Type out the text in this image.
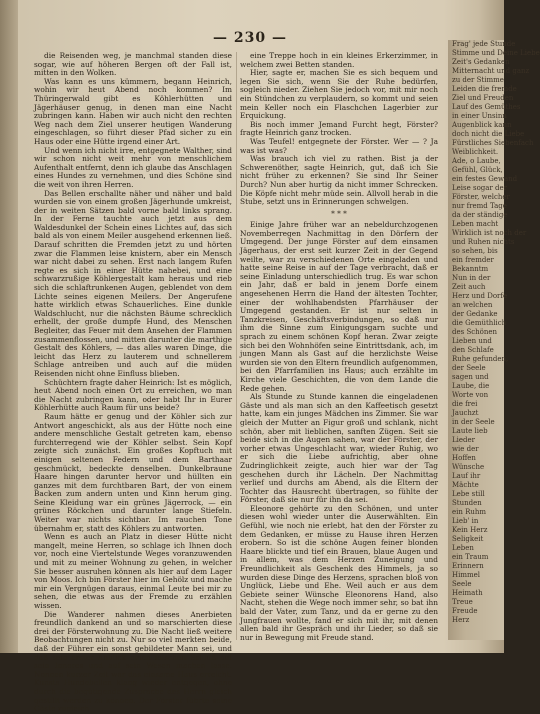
— 230 —

die Reisenden weg, je manchmal standen diese sogar, wie auf höheren Bergen oft der Fall ist, mitten in den Wolken.

Was kann es uns kümmern, begann Heinrich, wohin wir heut Abend noch kommen? Im Thüringerwald gibt es Köhlerhütten und Jägerhäuser genug, in denen man eine Nacht zubringen kann. Haben wir auch nicht den rechten Weg nach dem Ziel unserer heutigen Wanderung eingeschlagen, so führt dieser Pfad sicher zu ein Haus oder eine Hütte irgend einer Art.

Und wenn ich nicht irre, entgegnete Walther, sind wir schon nicht weit mehr von menschlichem Aufenthalt entfernt, denn ich glaube das Anschlagen eines Hundes zu vernehmen, und dies Schöne sind die weit von ihren Herren.

Das Bellen erschallte näher und näher und bald wurden sie von einem großen Jägerhunde umkreist, der in weiten Sätzen bald vorne bald links sprang. In der Ferne tauchte auch jetzt aus dem Waldesdunkel der Schein eines Lichtes auf, das sich bald als von einem Meiler ausgehend erkennen ließ. Darauf schritten die Fremden jetzt zu und hörten zwar die Flammen leise knistern, aber ein Mensch war nicht dabei zu sehen. Erst nach langem Rufen regte es sich in einer Hütte nahebei, und eine schwarzrußige Köhlergestalt kam heraus und rieb sich die schlaftrunkenen Augen, geblendet von dem Lichte seines eigenen Meilers. Der Angerufene hatte wirklich etwas Schauerliches. Eine dunkle Waldschlucht, nur die nächsten Bäume schrecklich erhellt, der große dumpfe Hund, des Menschen Begleiter, das Feuer mit dem Ansehen der Flammen zusammenflossen, und mitten darunter die marthige Gestalt des Köhlers, — das alles waren Dinge, die leicht das Herz zu lauterem und schnellerem Schlage antreiben und auch auf die müden Reisenden nicht ohne Einfluss blieben.

Schüchtern fragte daher Heinrich: Ist es möglich, heut Abend noch einen Ort zu erreichen, wo man die Nacht zubringen kann, oder habt Ihr in Eurer Köhlerhütte auch Raum für uns beide?

Raum hätte er genug und der Köhler sich zur Antwort angeschickt, als aus der Hütte noch eine andere menschliche Gestalt getreten kam, ebenso furchterregend wie der Köhler selbst. Sein Kopf zeigte sich zunächst. Ein großes Kopftuch mit einigen seltenen Federn und dem Barthaar geschmückt, bedeckte denselben. Dunkelbraune Haare hingen darunter hervor und hüllten ein ganzes mit dem furchtbaren Bart, der von einem Backen zum andern unten und Kinn herum ging. Seine Kleidung war ein grünes Jägerrock, — ein grünes Röckchen und darunter lange Stiefeln. Weiter war nichts sichtbar. Im rauchen Tone übernahm er, statt des Köhlers zu antworten.

Wenn es auch an Platz in dieser Hütte nicht mangelt, meine Herren, so schlage ich Ihnen doch vor, noch eine Viertelstunde Weges voranzuwenden und mit zu meiner Wohnung zu gehen, in welcher Sie besser ausruhen können als hier auf dem Lager von Moos. Ich bin Förster hier im Gehölz und mache mir ein Vergnügen daraus, einmal Leute bei mir zu sehen, die etwas aus der Fremde zu erzählen wissen.

Die Wanderer nahmen dieses Anerbieten freundlich dankend an und so marschierten diese drei der Försterwohnung zu. Die Nacht ließ weitere Beobachtungen nicht zu. Nur so viel merkten beide, daß der Führer ein sonst gebildeter Mann sei, und daß sein erster Anblick einen falschen Schluß auf sein Inneres und auf sein Wesen machen lasse. Nonnen kurzer Zeit war das einsame Haus erreicht. Kunsts Hundebellen klang wieder entgegen, ohne durch die begütigende Zusprache des Herrn gleich gestillt werden zu können. Der Förster führte seine Gäste zugleich

eine Treppe hoch in ein kleines Erkerzimmer, in welchem zwei Betten standen.

Hier, sagte er, machen Sie es sich bequem und legen Sie sich, wenn Sie der Ruhe bedürfen, sogleich nieder. Ziehen Sie jedoch vor, mit mir noch ein Stündchen zu verplaudern, so kommt und seien mein Keller noch ein Flaschchen Lagerbier zur Erquickung.

Bis noch immer Jemand Furcht hegt, Förster? fragte Heinrich ganz trocken.

Was Teufel! entgegnete der Förster. Wer — ? Ja was ist was?

Was brauch ich viel zu rathen. Bist ja der Schwerenöther, sagte Heinrich, gut, daß ich Sie nicht früher zu erkennen? Sie sind Ihr Seiner Durch? Nun aber hurtig da nicht immer Schrecken. Die Köpfe nicht mehr müde sein. Allvoll herab in die Stube, setzt uns in Erinnerungen schwelgen.

* * *

Einige Jahre früher war an nebeldurchzogenen Novemberregen Nachmittag in den Dörfern der Umgegend. Der junge Förster auf dem einsamen Jägerhaus, der erst seit kurzer Zeit in der Gegend weilte, war zu verschiedenen Orte eingeladen und hatte seine Reise in auf der Tage verbracht, daß er seine Einladung unterschiedlich trug. Es war schon ein Jahr, daß er bald in jenem Dorfe einem angesehenen Herrn die Hand der ältesten Tochter, einer der wohlhabendsten Pfarrhäuser der Umgegend gestanden. Er ist nur selten in Tanzkreisen, Geschäftsverbindungen, so daß nur ihm die Sinne zum Einigungsgarn suchte und sprach zu einem schönen Kopf heran. Zwar zeigte sich bei den Wohnhöfen seine Eintrittsdank, ach, im jungen Mann als Gast auf die herzlichste Weise wurden sie von den Eltern freundlich aufgenommen, bei den Pfarrfamilien ins Haus; auch erzählte im Kirche viele Geschichten, die von dem Lande die Rede gehen.

Als Stunde zu Stunde kannen die eingeladenen Gäste und als man sich an den Kaffeetisch gesetzt hatte, kam ein junges Mädchen ins Zimmer. Sie war gleich der Mutter an Figur groß und schlank, nicht schön, aber mit lieblichen, sanften Zügen. Seit sie beide sich in die Augen sahen, war der Förster, der vorher etwas Ungeschlacht war, wieder Ruhig, wo er sich die Liebe aufrichtig, aber ohne Zudringlichkeit zeigte, auch hier war der Tag geschehen durch ihr Lächeln. Der Nachmittag verlief und durchs am Abend, als die Eltern der Tochter das Hausrecht übertragen, so fühlte der Förster, daß sie nur für ihn da sei.

Eleonore gehörte zu den Schönen, und unter diesen wohl wieder unter die Auserwählten. Ein Gefühl, wie noch nie erlebt, hat den der Förster zu dem Gedanken, er müsse zu Hause ihren Herzen erobern. So ist die schöne Augen feiner blonden Haare blickte und tief ein Brauen, blaue Augen und in allem, was dem Herzen Zuneigung und Freundlichkeit als Geschenk des Himmels, ja so wurden diese Dinge des Herzens, sprachen bloß von Unglück, Liebe und Ehe. Weil auch er aus dem Gebiete seiner Wünsche Eleonorens Hand, also Nacht, stehen die Wege noch immer sehr, so bat ihn bald der Vater, zum Tanz, und da er gerne zu den Jungfrauen wollte, fand er sich mit ihr, mit denen allen bald ihr Gespräch und ihr Lieder, so daß sie nur in Bewegung mit Freude stand.

Frag' jede Stunde
Stimme und Deine Liebe
Zeit's Gedanken
Mitternacht und ganz
zu der Stimme
Leiden die fremde
Ziel und Freuden
Lauf des Gemüthes
in einer Unsinn
Augenblick kann
doch nicht die Liebe
Fürstliches Siebenfach
Weiblichkeit.
Ade, o Laube,
Gefühl, Glück,
ein festes Gewand
Leise sogar der
Förster, welcher
nur fremd Tage
da der ständige
Leben macht
Wirklich ist noch der
und Ruhen nichts
so sehen, bis
ein fremder
Bekanntm
Nun in der
Zeit auch
Herz und Dorfe
an welchen
der Gedanke
die Gemüthlich
des Schönen
Lieben und
den Schlafe
Ruhe gefunden,
der Seele
sagen und
Laube, die
Worte von
die frei
Jauchzt
in der Seele
Laute lieb
Lieder
wie der
Hoffen
Wünsche
Lauf ihr
Mächte
Lebe still
Stunden
ein Ruhm
Lieb' in
Kein Herz
Seligkeit
Leben
ein Traum
Erinnern
Himmel
Seele
Heimath
Treue
Freude
Herz
